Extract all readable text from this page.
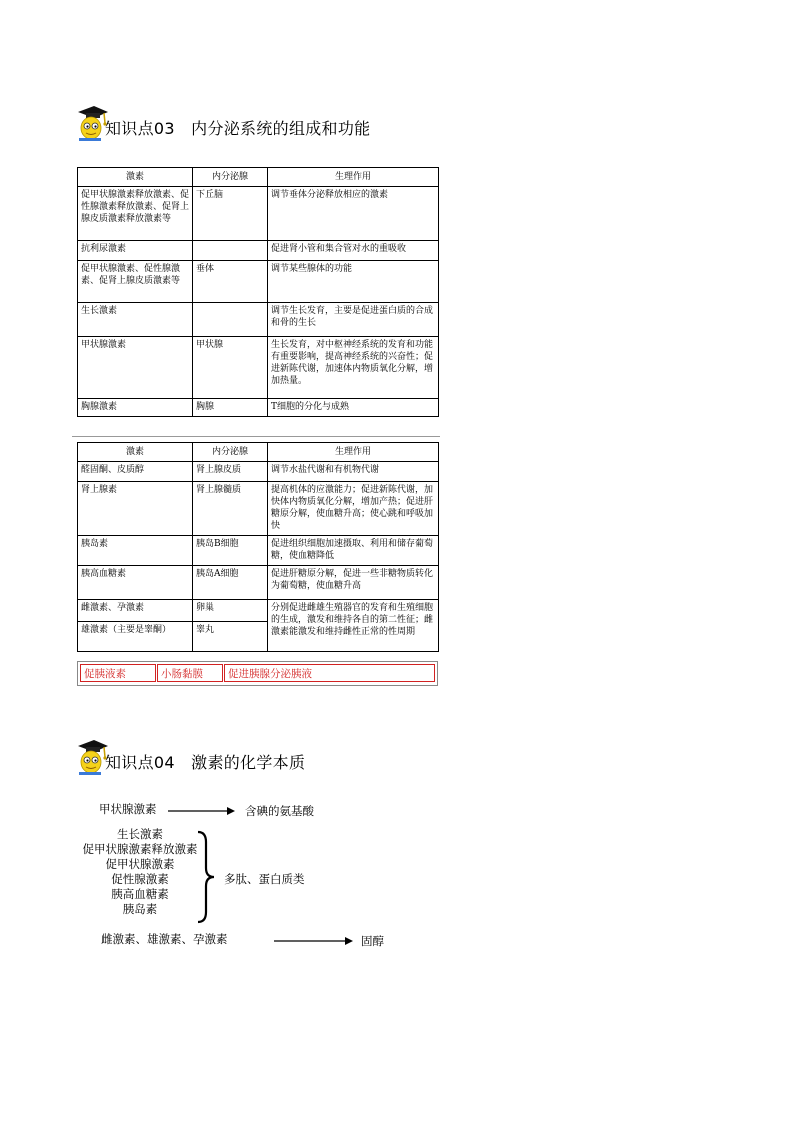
知识点03　内分泌系统的组成和功能
激素	内分泌腺	生理作用
促甲状腺激素释放激素、促性腺激素释放激素、促肾上腺皮质激素释放激素等	下丘脑	调节垂体分泌释放相应的激素
抗利尿激素		促进肾小管和集合管对水的重吸收
促甲状腺激素、促性腺激素、促肾上腺皮质激素等	垂体	调节某些腺体的功能
生长激素		调节生长发育，主要是促进蛋白质的合成和骨的生长
甲状腺激素	甲状腺	生长发育，对中枢神经系统的发育和功能有重要影响，提高神经系统的兴奋性；促进新陈代谢，加速体内物质氧化分解，增加热量。
胸腺激素	胸腺	T细胞的分化与成熟
激素	内分泌腺	生理作用
醛固酮、皮质醇	肾上腺皮质	调节水盐代谢和有机物代谢
肾上腺素	肾上腺髓质	提高机体的应激能力；促进新陈代谢，加快体内物质氧化分解，增加产热；促进肝糖原分解，使血糖升高；使心跳和呼吸加快
胰岛素	胰岛B细胞	促进组织细胞加速摄取、利用和储存葡萄糖，使血糖降低
胰高血糖素	胰岛A细胞	促进肝糖原分解，促进一些非糖物质转化为葡萄糖，使血糖升高
雌激素、孕激素	卵巢	分别促进雌雄生殖器官的发育和生殖细胞的生成，激发和维持各自的第二性征；雌激素能激发和维持雌性正常的性周期
雄激素（主要是睾酮）	睾丸	
促胰液素	小肠黏膜	促进胰腺分泌胰液
知识点04　激素的化学本质
甲状腺激素	含碘的氨基酸
生长激素
促甲状腺激素释放激素
促甲状腺激素
促性腺激素
胰高血糖素
胰岛素
多肽、蛋白质类
雌激素、雄激素、孕激素	固醇
